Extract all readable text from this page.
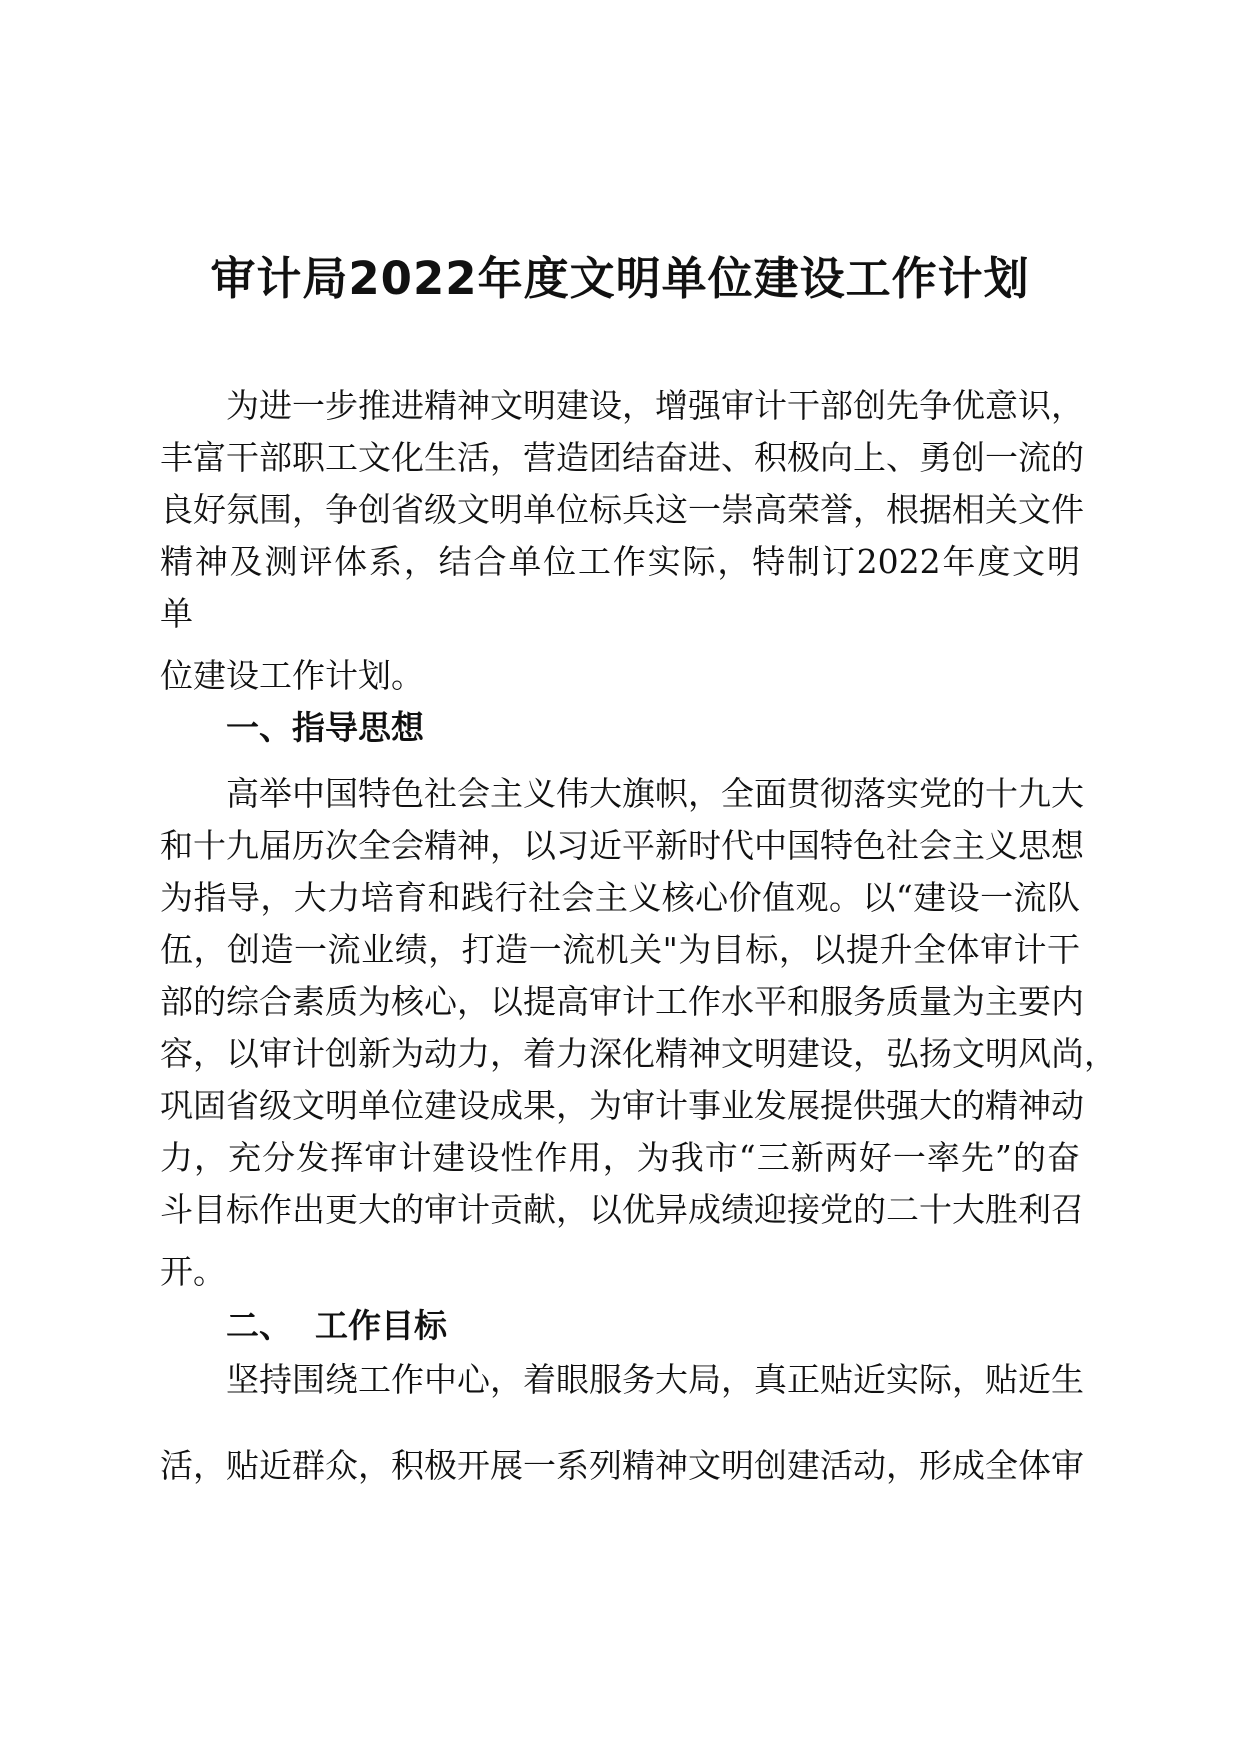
审计局2022年度文明单位建设工作计划

为进一步推进精神文明建设，增强审计干部创先争优意识，

丰富干部职工文化生活，营造团结奋进、积极向上、勇创一流的

良好氛围，争创省级文明单位标兵这一崇高荣誉，根据相关文件

精神及测评体系，结合单位工作实际，特制订2022年度文明

单

位建设工作计划。

一、指导思想

高举中国特色社会主义伟大旗帜，全面贯彻落实党的十九大

和十九届历次全会精神，以习近平新时代中国特色社会主义思想

为指导，大力培育和践行社会主义核心价值观。以“建设一流队

伍，创造一流业绩，打造一流机关"为目标，以提升全体审计干

部的综合素质为核心，以提高审计工作水平和服务质量为主要内

容，以审计创新为动力，着力深化精神文明建设，弘扬文明风尚，

巩固省级文明单位建设成果，为审计事业发展提供强大的精神动

力，充分发挥审计建设性作用，为我市“三新两好一率先”的奋

斗目标作出更大的审计贡献，以优异成绩迎接党的二十大胜利召

开。

二、  工作目标

坚持围绕工作中心，着眼服务大局，真正贴近实际，贴近生

活，贴近群众，积极开展一系列精神文明创建活动，形成全体审
